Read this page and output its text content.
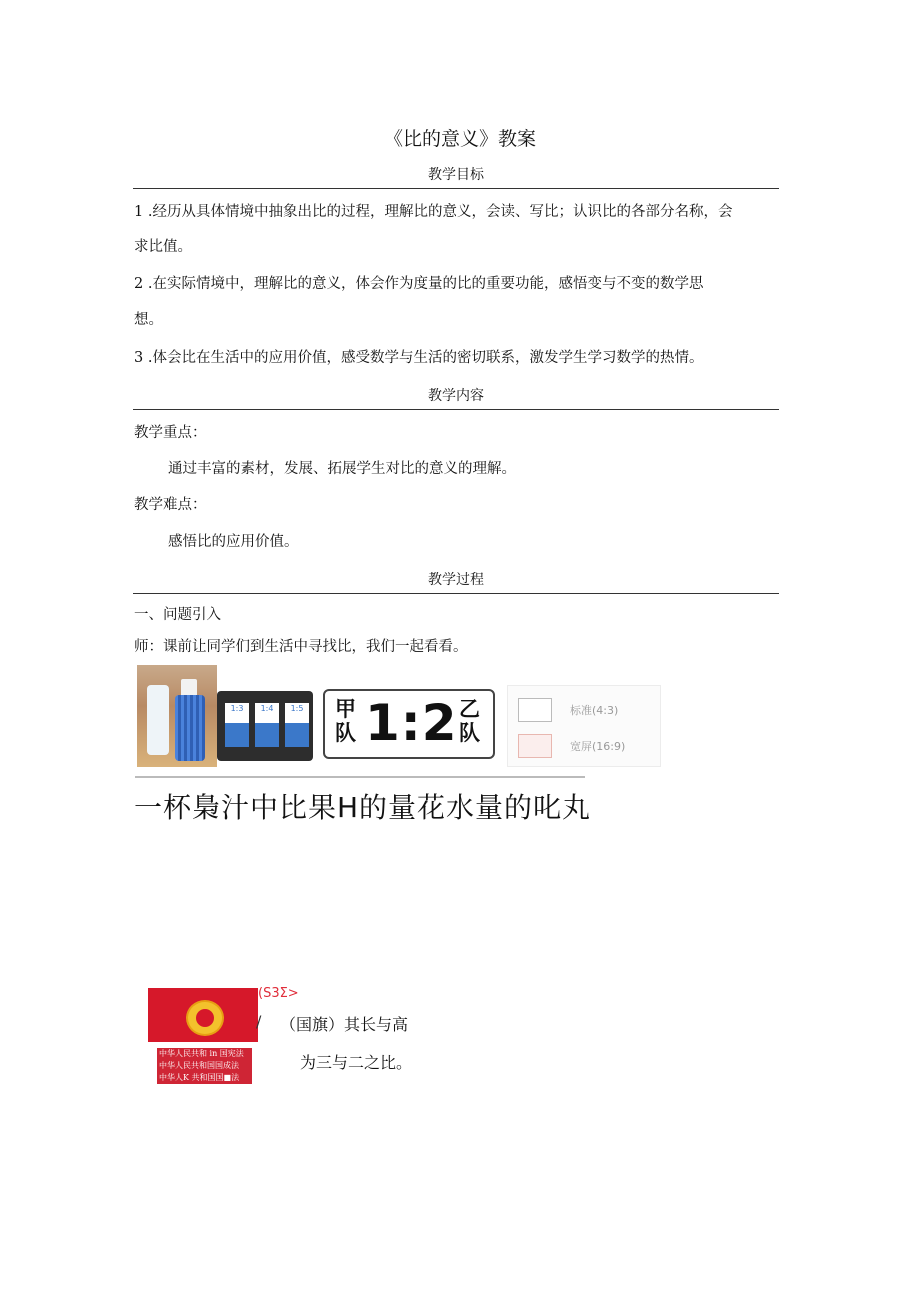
《比的意义》教案
教学目标
1 .经历从具体情境中抽象出比的过程，理解比的意义，会读、写比；认识比的各部分名称，会
求比值。
2 .在实际情境中，理解比的意义，体会作为度量的比的重要功能，感悟变与不变的数学思
想。
3 .体会比在生活中的应用价值，感受数学与生活的密切联系，激发学生学习数学的热情。
教学内容
教学重点：
通过丰富的素材，发展、拓展学生对比的意义的理解。
教学难点：
感悟比的应用价值。
教学过程
一、问题引入
师：课前让同学们到生活中寻找比，我们一起看看。
1:3	1:4	1:5 甲
队 1:2 乙
队
标准(4:3)
宽屏(16:9)
一杯梟汁中比果H的量花水量的叱丸
(S3Σ>
/ （国旗）其长与高
为三与二之比。
中华人民共和 in 国宪法
中华人民共和国国成法
中华人K 共和国国■法
